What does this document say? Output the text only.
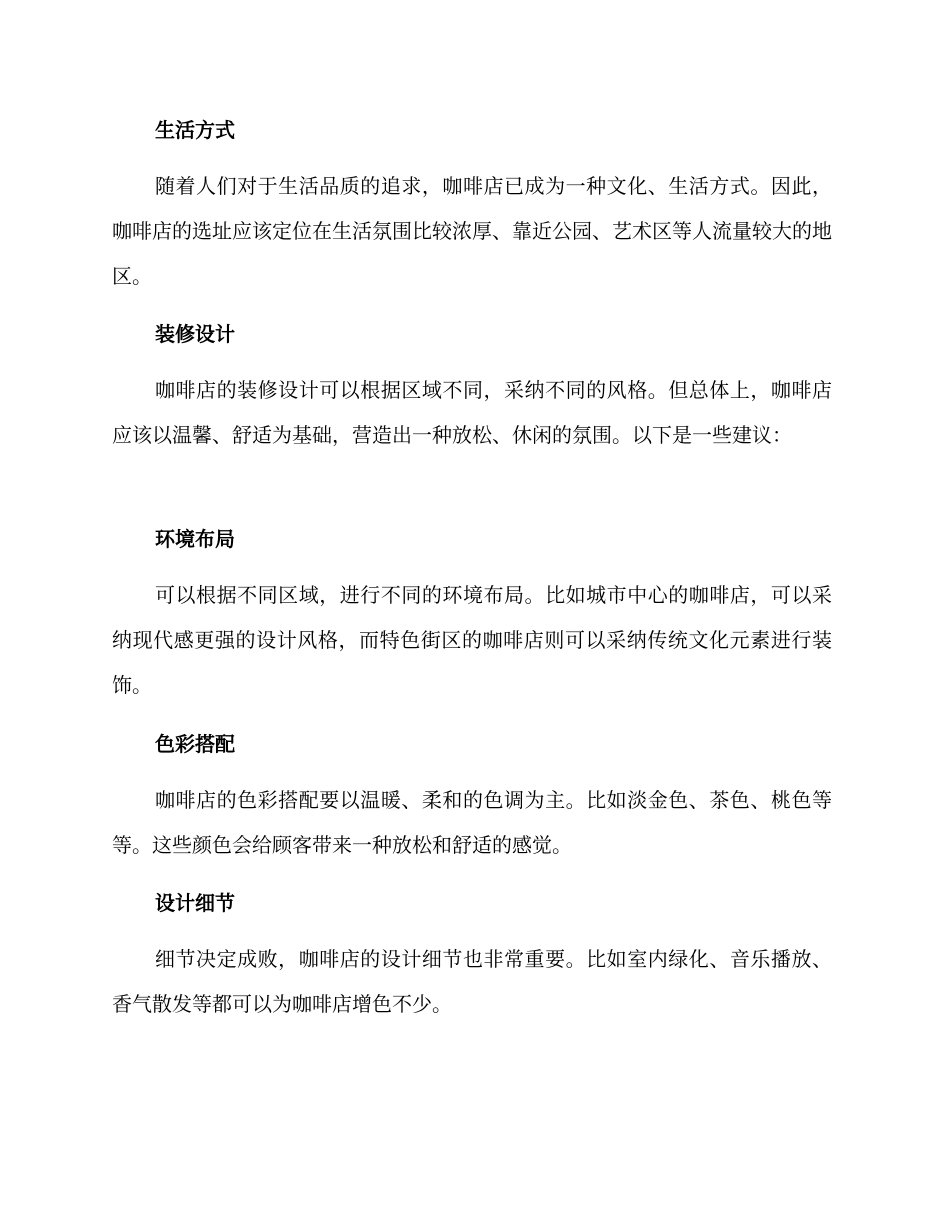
生活方式

随着人们对于生活品质的追求，咖啡店已成为一种文化、生活方式。因此，咖啡店的选址应该定位在生活氛围比较浓厚、靠近公园、艺术区等人流量较大的地区。

装修设计

咖啡店的装修设计可以根据区域不同，采纳不同的风格。但总体上，咖啡店应该以温馨、舒适为基础，营造出一种放松、休闲的氛围。以下是一些建议：

环境布局

可以根据不同区域，进行不同的环境布局。比如城市中心的咖啡店，可以采纳现代感更强的设计风格，而特色街区的咖啡店则可以采纳传统文化元素进行装饰。

色彩搭配

咖啡店的色彩搭配要以温暖、柔和的色调为主。比如淡金色、茶色、桃色等等。这些颜色会给顾客带来一种放松和舒适的感觉。

设计细节

细节决定成败，咖啡店的设计细节也非常重要。比如室内绿化、音乐播放、香气散发等都可以为咖啡店增色不少。
